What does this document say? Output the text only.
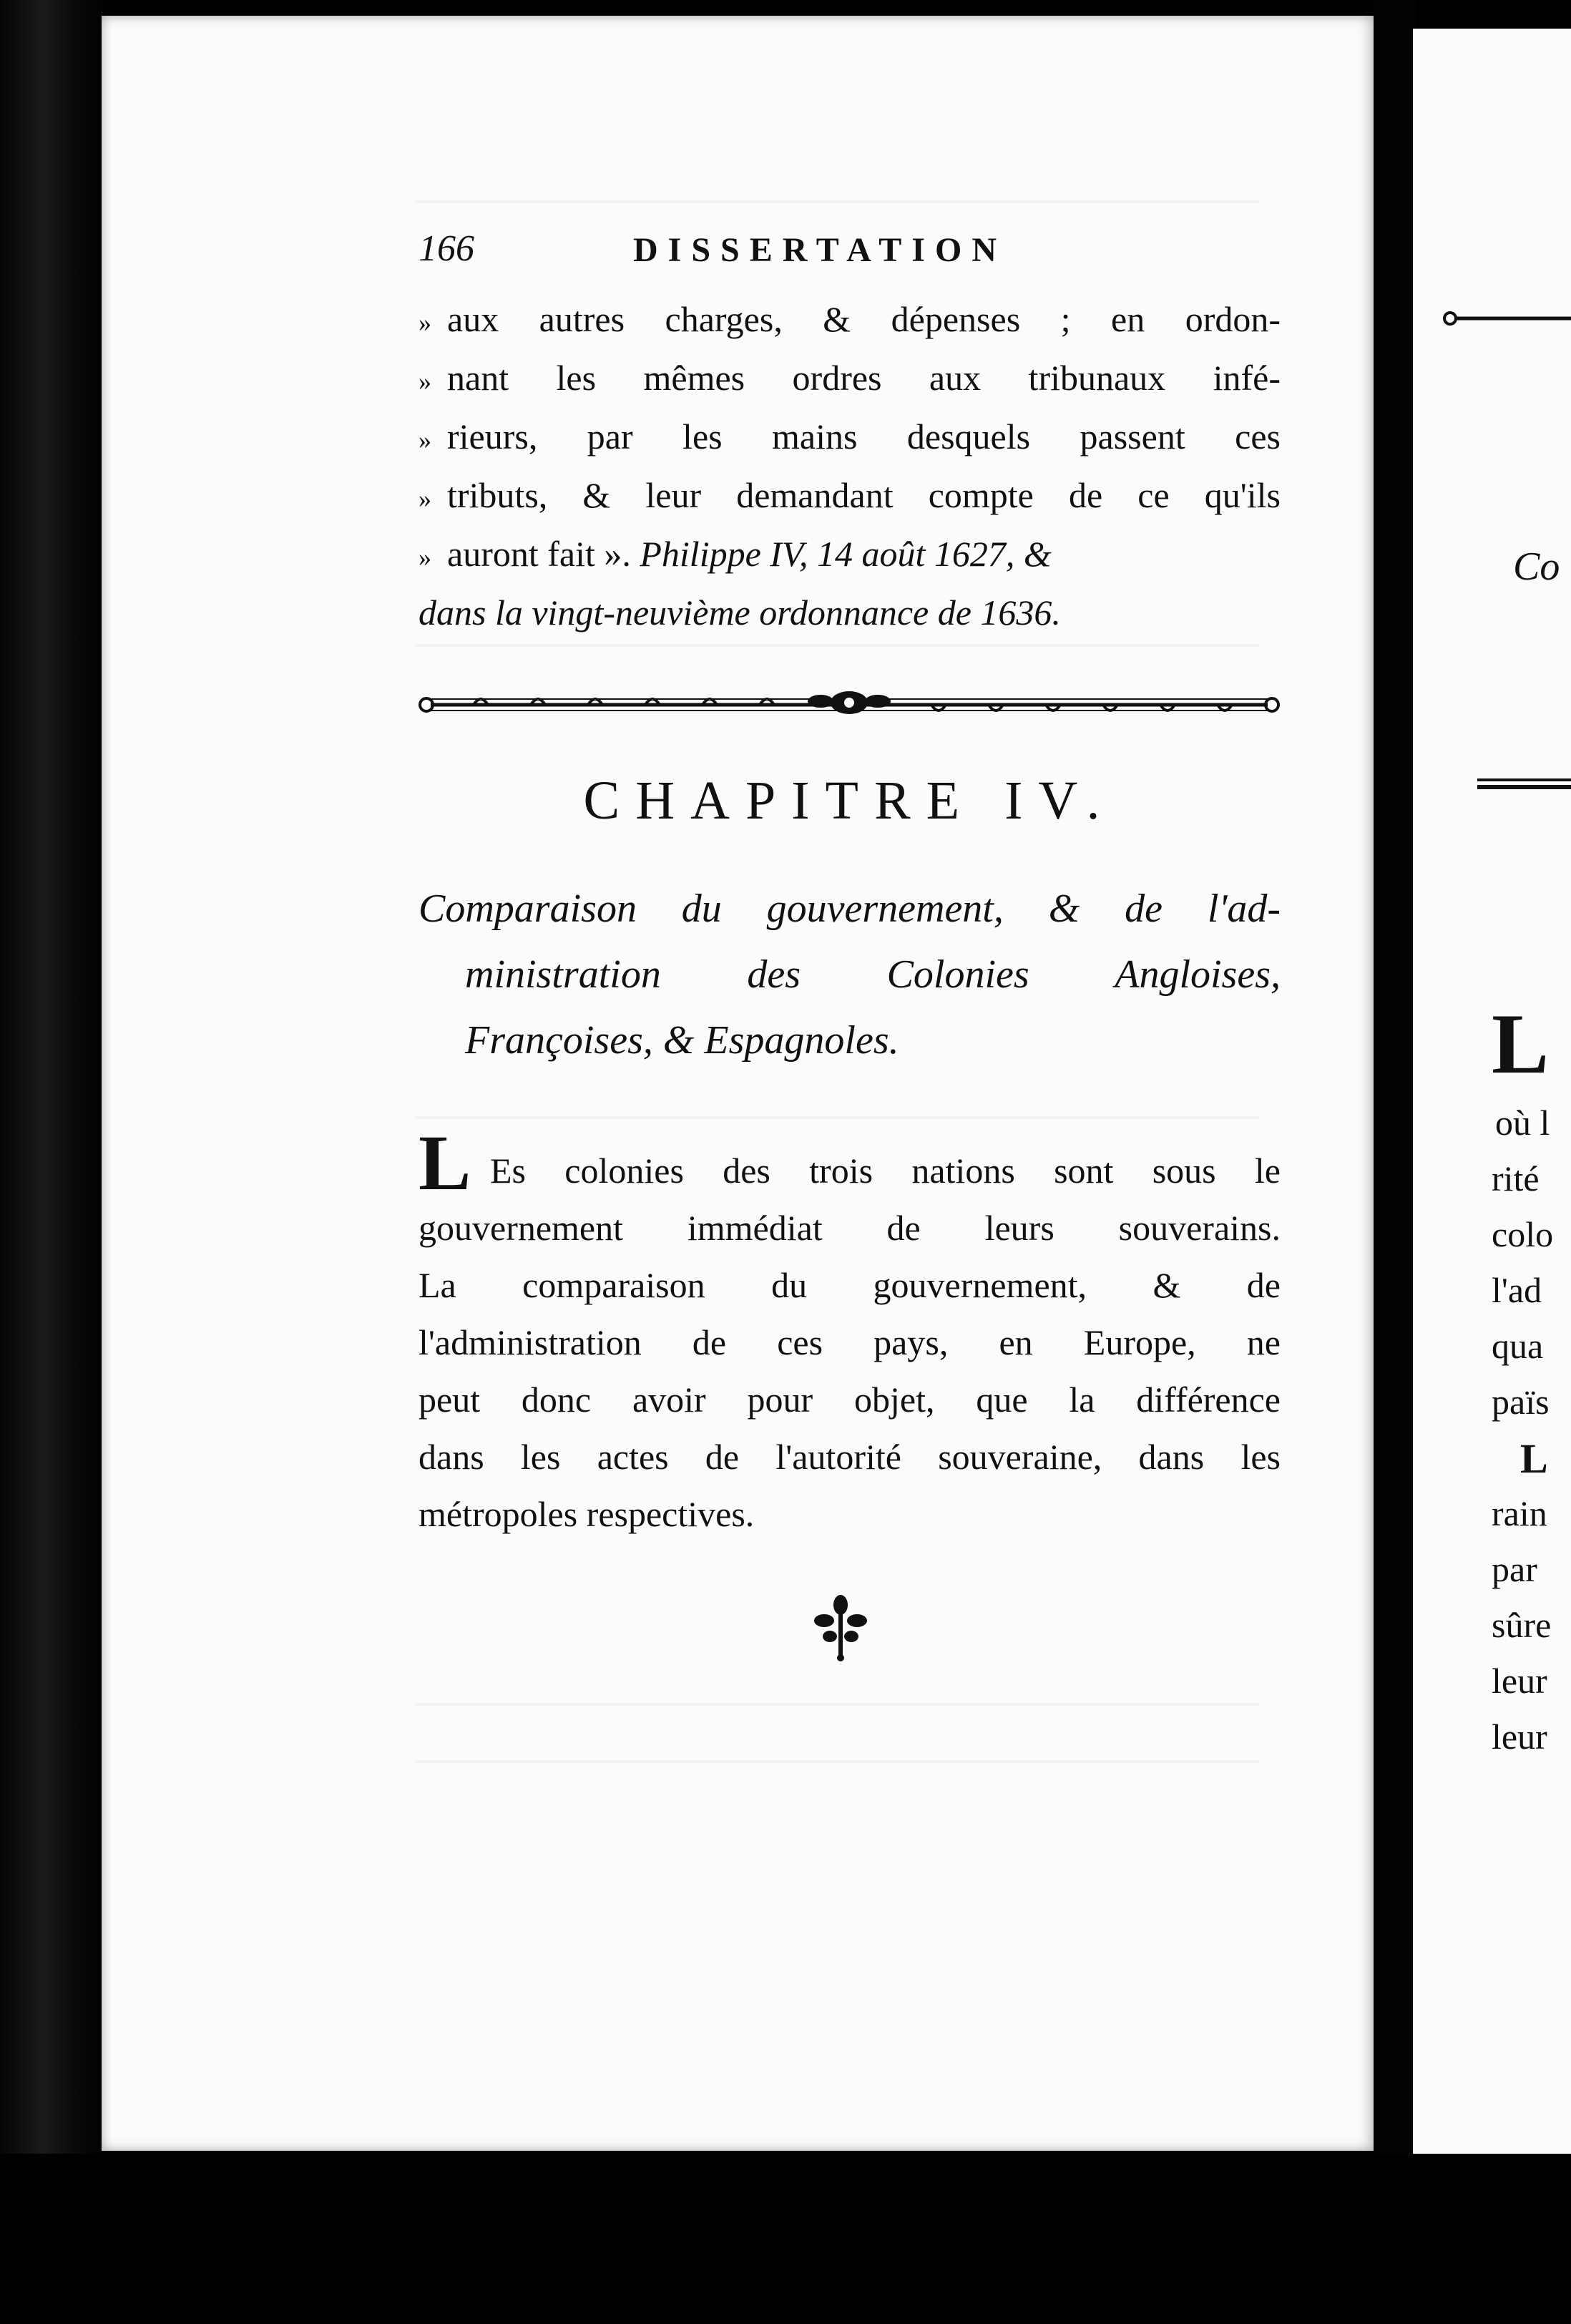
166	DISSERTATION
» aux autres charges, & dépenses ; en ordon-
» nant les mêmes ordres aux tribunaux infé-
» rieurs, par les mains desquels passent ces
» tributs, & leur demandant compte de ce qu'ils
» auront fait ». Philippe IV, 14 août 1627, &
dans la vingt-neuvième ordonnance de 1636.
CHAPITRE IV.
Comparaison du gouvernement, & de l'ad-
ministration des Colonies Angloises,
Françoises, & Espagnoles.
L Es colonies des trois nations sont sous le
gouvernement immédiat de leurs souverains.
La comparaison du gouvernement, & de
l'administration de ces pays, en Europe, ne
peut donc avoir pour objet, que la différence
dans les actes de l'autorité souveraine, dans les
métropoles respectives.
Co
L
où l
rité
colo
l'ad
qua
païs
L
rain
par
sûre
leur
leur
